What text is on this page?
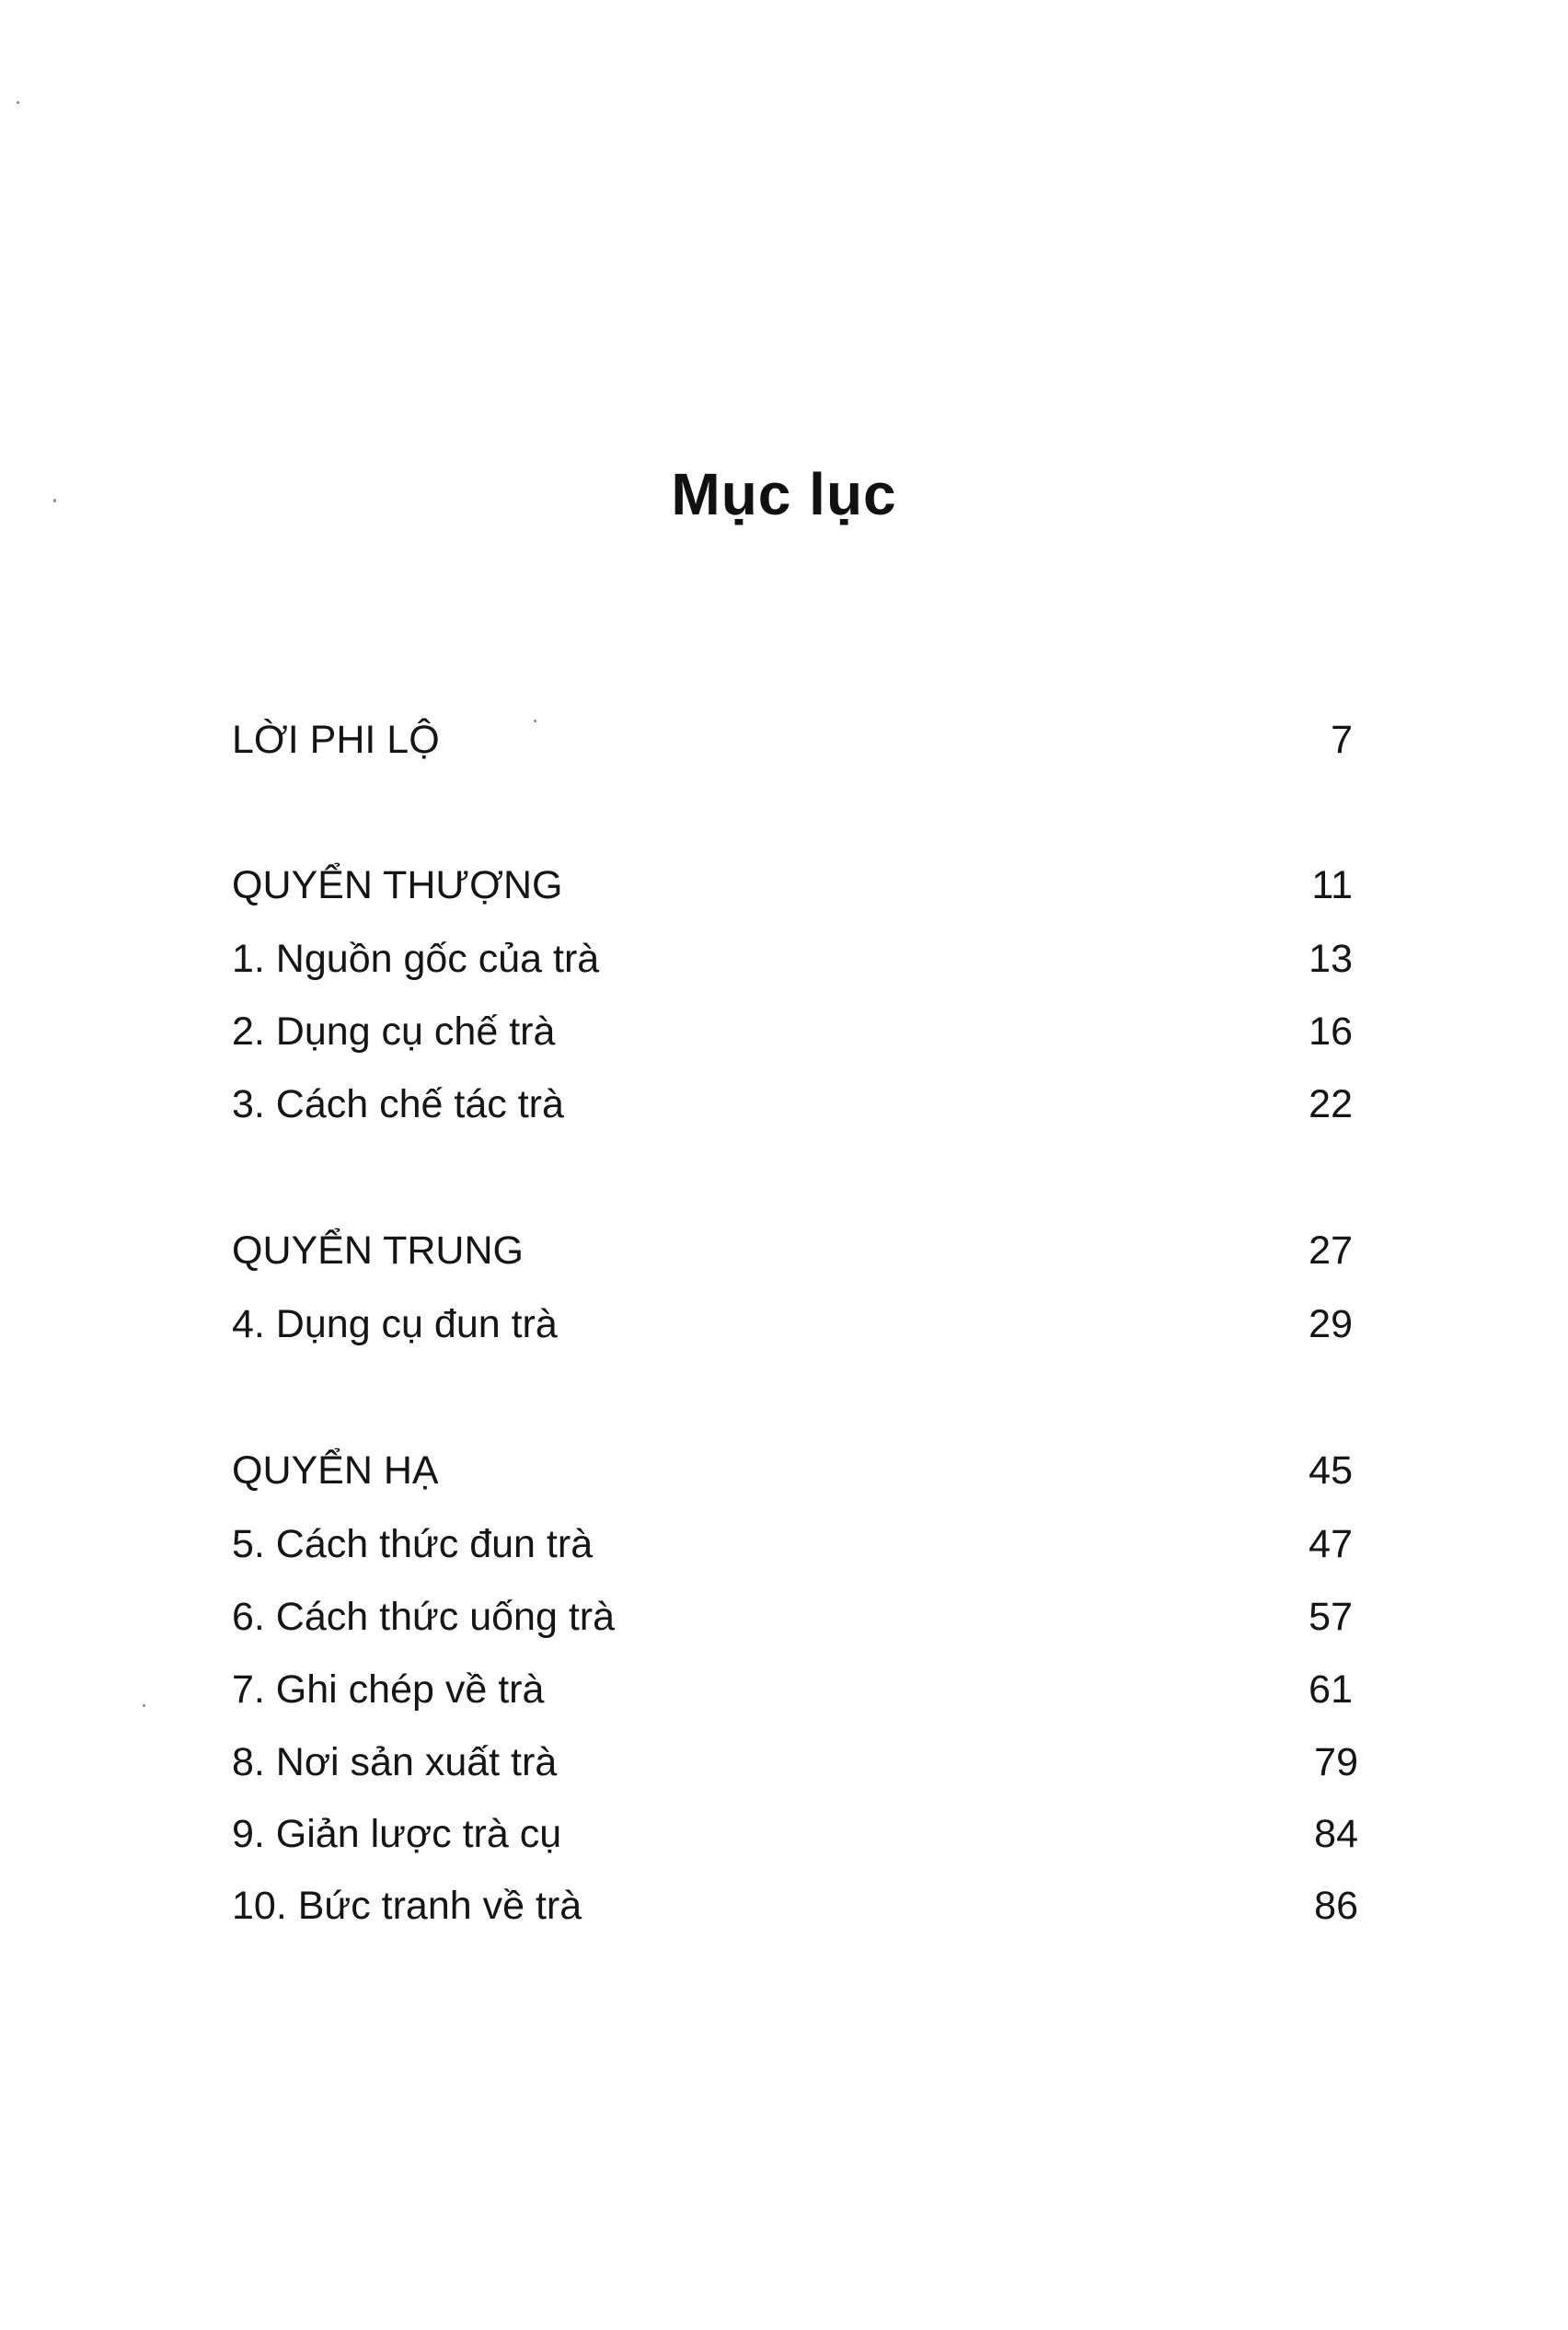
Mục lục
LỜI PHI LỘ	7
QUYỂN THƯỢNG	11
1. Nguồn gốc của trà	13
2. Dụng cụ chế trà	16
3. Cách chế tác trà	22
QUYỂN TRUNG	27
4. Dụng cụ đun trà	29
QUYỂN HẠ	45
5. Cách thức đun trà	47
6. Cách thức uống trà	57
7. Ghi chép về trà	61
8. Nơi sản xuất trà	79
9. Giản lược trà cụ	84
10. Bức tranh về trà	86
